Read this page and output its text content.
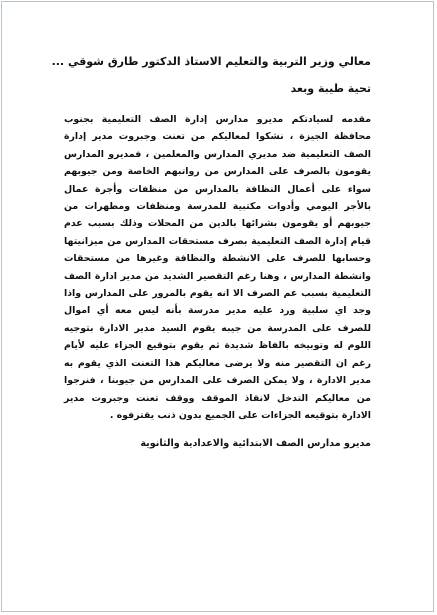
معالي وزير التربية والتعليم الاستاذ الدكتور طارق شوقي ...

تحية طيبة وبعد

مقدمه لسيادتكم مديرو مدارس إدارة الصف التعليمية بجنوب محافظة الجيزة ، نشكوا لمعاليكم من تعنت وجبروت مدير إدارة الصف التعليمية ضد مديري المدارس والمعلمين ، فمديرو المدارس يقومون بالصرف على المدارس من رواتبهم الخاصة ومن جيوبهم سواء على أعمال النظافة بالمدارس من منظفات وأجرة عمال بالأجر اليومي وأدوات مكتبية للمدرسة ومنظفات ومطهرات من جيوبهم أو يقومون بشرائها بالدين من المحلات وذلك بسبب عدم قيام إدارة الصف التعليمية بصرف مستحقات المدارس من ميزانيتها وحسابها للصرف على الانشطة والنظافة وغيرها من مستحقات وانشطة المدارس ، وهنا رغم التقصير الشديد من مدير ادارة الصف التعليمية بسبب عم الصرف الا انه يقوم بالمرور على المدارس واذا وجد اي سلبية ورد عليه مدير مدرسة بأنه ليس معه أي اموال للصرف على المدرسة من جيبه يقوم السيد مدير الادارة بتوجيه اللوم له وتوبيخه بالفاظ شديدة ثم يقوم بتوقيع الجزاء عليه لأيام رغم ان التقصير منه ولا يرضى معاليكم هذا التعنت الذي يقوم به مدير الادارة ، ولا يمكن الصرف على المدارس من جيوبنا ، فنرجوا من معاليكم التدخل لانقاذ الموقف ووقف تعنت وجبروت مدير الادارة بتوقيعه الجزاءات على الجميع بدون ذنب يقترفوه .

مديرو مدارس الصف الابتدائية والاعدادية والثانوية
